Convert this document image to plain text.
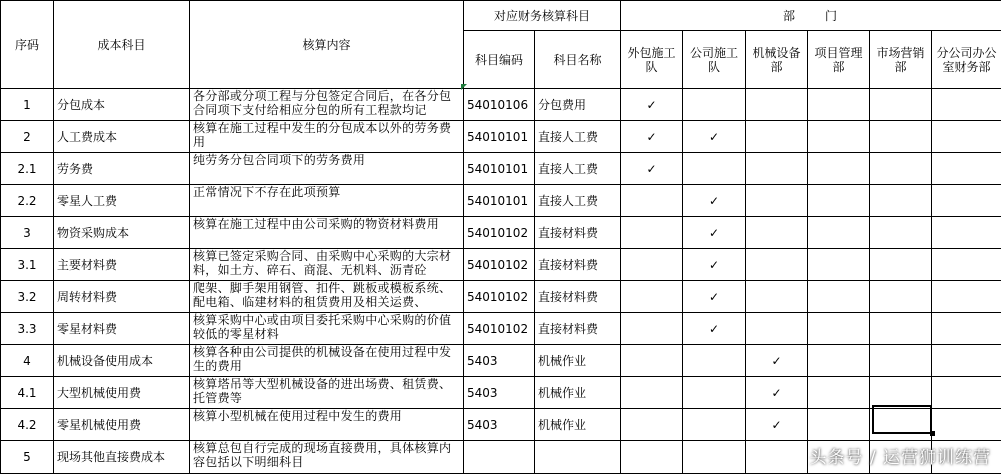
序码	成本科目	核算内容	对应财务核算科目		部　　门					
			科目编码	科目名称	外包施工队	公司施工队	机械设备部	项目管理部	市场营销部	分公司办公室财务部
1	分包成本	各分部或分项工程与分包签定合同后，在各分包合同项下支付给相应分包的所有工程款均记	54010106	分包费用	✓					
2	人工费成本	核算在施工过程中发生的分包成本以外的劳务费用	54010101	直接人工费	✓	✓				
2.1	劳务费	纯劳务分包合同项下的劳务费用	54010101	直接人工费	✓					
2.2	零星人工费	正常情况下不存在此项预算	54010101	直接人工费		✓				
3	物资采购成本	核算在施工过程中由公司采购的物资材料费用	54010102	直接材料费		✓				
3.1	主要材料费	核算已签定采购合同、由采购中心采购的大宗材料，如土方、碎石、商混、无机料、沥青砼	54010102	直接材料费		✓				
3.2	周转材料费	爬架、脚手架用钢管、扣件、跳板或模板系统、配电箱、临建材料的租赁费用及相关运费、	54010102	直接材料费		✓				
3.3	零星材料费	核算采购中心或由项目委托采购中心采购的价值较低的零星材料	54010102	直接材料费		✓				
4	机械设备使用成本	核算各种由公司提供的机械设备在使用过程中发生的费用	5403	机械作业			✓			
4.1	大型机械使用费	核算塔吊等大型机械设备的进出场费、租赁费、托管费等	5403	机械作业			✓			
4.2	零星机械使用费	核算小型机械在使用过程中发生的费用	5403	机械作业			✓			
5	现场其他直接费成本	核算总包自行完成的现场直接费用，具体核算内容包括以下明细科目									头条号 / 运营狮训练营
